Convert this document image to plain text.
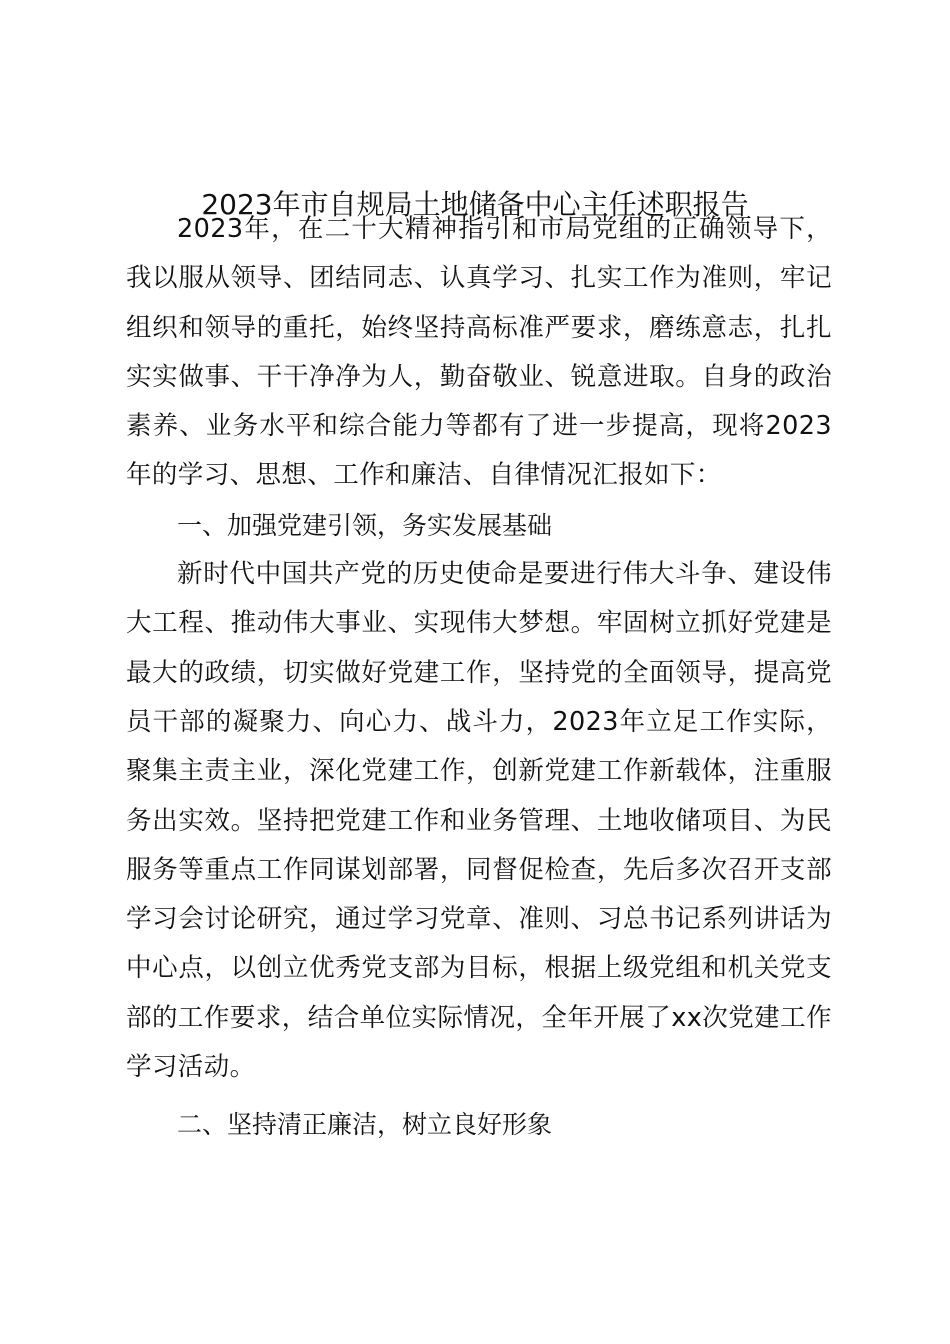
2023年市自规局土地储备中心主任述职报告

2023年，在二十大精神指引和市局党组的正确领导下，我以服从领导、团结同志、认真学习、扎实工作为准则，牢记组织和领导的重托，始终坚持高标准严要求，磨练意志，扎扎实实做事、干干净净为人，勤奋敬业、锐意进取。自身的政治素养、业务水平和综合能力等都有了进一步提高，现将2023年的学习、思想、工作和廉洁、自律情况汇报如下：

一、加强党建引领，务实发展基础

新时代中国共产党的历史使命是要进行伟大斗争、建设伟大工程、推动伟大事业、实现伟大梦想。牢固树立抓好党建是最大的政绩，切实做好党建工作，坚持党的全面领导，提高党员干部的凝聚力、向心力、战斗力，2023年立足工作实际，聚集主责主业，深化党建工作，创新党建工作新载体，注重服务出实效。坚持把党建工作和业务管理、土地收储项目、为民服务等重点工作同谋划部署，同督促检查，先后多次召开支部学习会讨论研究，通过学习党章、准则、习总书记系列讲话为中心点，以创立优秀党支部为目标，根据上级党组和机关党支部的工作要求，结合单位实际情况，全年开展了xx次党建工作学习活动。

二、坚持清正廉洁，树立良好形象
